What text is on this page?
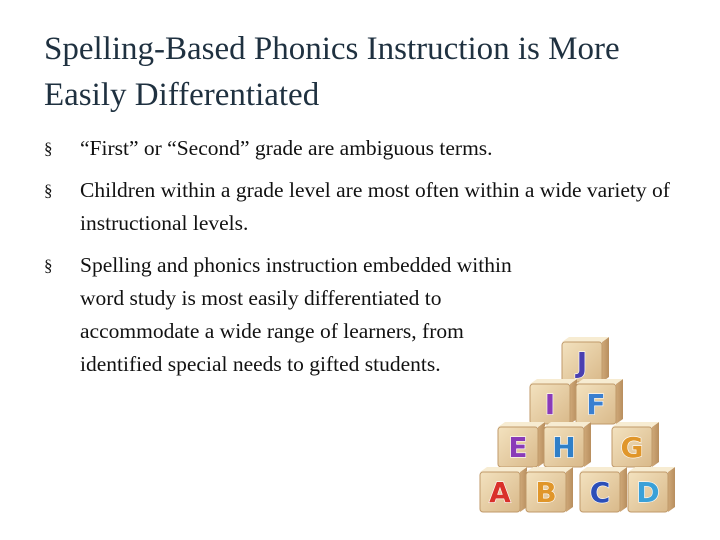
Spelling-Based Phonics Instruction is More Easily Differentiated
§ “First” or “Second” grade are ambiguous terms.
§ Children within a grade level are most often within a wide variety of instructional levels.
§ Spelling and phonics instruction embedded within word study is most easily differentiated to accommodate a wide range of learners, from identified special needs to gifted students.	J
I F
E H G
A B C D
